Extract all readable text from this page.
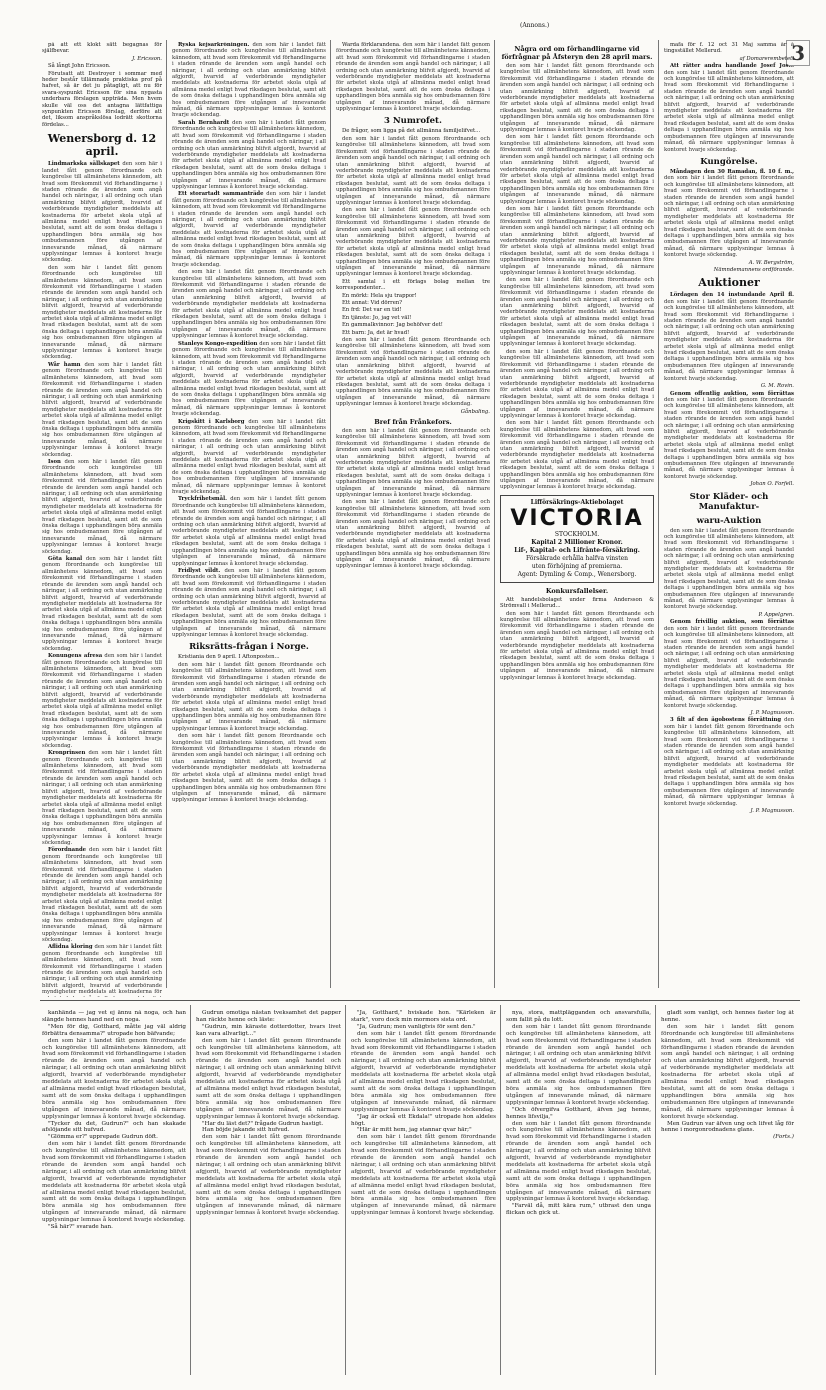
3
(Annons.)

på att ett klokt sätt begagnas för själfbevar.

J. Ericsson.

Så långt John Ericsson.

Förutsatt att Destroyer i sommar med heder består tillämnade praktiska prof på hafvet, så är det ju påtagligt, att nu för svara-syspunkt Ericsson för sina nygasta underbara förslagen uppträda. Men hvem skulle väl oss det antagna lättfattiga synpunkten Ericsson förslag, derföre att det, liksom anspråkslösa lodrätt skottorna fördelas...

Wenersborg d. 12 april.

Lindmarkska sällskapet den som här i landet fått genom förordnande och kungörelse till allmänhetens kännedom, att hvad som förekommit vid förhandlingarne i staden rörande de ärenden som angå handel och näringar, i all ordning och utan anmärkning blifvit afgjordt, hvarvid af vederbörande myndigheter meddelats att kostnaderna för arbetet skola utgå af allmänna medel enligt hvad riksdagen beslutat, samt att de som önska deltaga i upphandlingen böra anmäla sig hos ombudsmannen före utgången af innevarande månad, då närmare upplysningar lemnas å kontoret hvarje söckendag.

den som här i landet fått genom förordnande och kungörelse till allmänhetens kännedom, att hvad som förekommit vid förhandlingarne i staden rörande de ärenden som angå handel och näringar, i all ordning och utan anmärkning blifvit afgjordt, hvarvid af vederbörande myndigheter meddelats att kostnaderna för arbetet skola utgå af allmänna medel enligt hvad riksdagen beslutat, samt att de som önska deltaga i upphandlingen böra anmäla sig hos ombudsmannen före utgången af innevarande månad, då närmare upplysningar lemnas å kontoret hvarje söckendag.

Wår hamn den som här i landet fått genom förordnande och kungörelse till allmänhetens kännedom, att hvad som förekommit vid förhandlingarne i staden rörande de ärenden som angå handel och näringar, i all ordning och utan anmärkning blifvit afgjordt, hvarvid af vederbörande myndigheter meddelats att kostnaderna för arbetet skola utgå af allmänna medel enligt hvad riksdagen beslutat, samt att de som önska deltaga i upphandlingen böra anmäla sig hos ombudsmannen före utgången af innevarande månad, då närmare upplysningar lemnas å kontoret hvarje söckendag.

Ison den som här i landet fått genom förordnande och kungörelse till allmänhetens kännedom, att hvad som förekommit vid förhandlingarne i staden rörande de ärenden som angå handel och näringar, i all ordning och utan anmärkning blifvit afgjordt, hvarvid af vederbörande myndigheter meddelats att kostnaderna för arbetet skola utgå af allmänna medel enligt hvad riksdagen beslutat, samt att de som önska deltaga i upphandlingen böra anmäla sig hos ombudsmannen före utgången af innevarande månad, då närmare upplysningar lemnas å kontoret hvarje söckendag.

Göta kanal den som här i landet fått genom förordnande och kungörelse till allmänhetens kännedom, att hvad som förekommit vid förhandlingarne i staden rörande de ärenden som angå handel och näringar, i all ordning och utan anmärkning blifvit afgjordt, hvarvid af vederbörande myndigheter meddelats att kostnaderna för arbetet skola utgå af allmänna medel enligt hvad riksdagen beslutat, samt att de som önska deltaga i upphandlingen böra anmäla sig hos ombudsmannen före utgången af innevarande månad, då närmare upplysningar lemnas å kontoret hvarje söckendag.

Konungens afresa den som här i landet fått genom förordnande och kungörelse till allmänhetens kännedom, att hvad som förekommit vid förhandlingarne i staden rörande de ärenden som angå handel och näringar, i all ordning och utan anmärkning blifvit afgjordt, hvarvid af vederbörande myndigheter meddelats att kostnaderna för arbetet skola utgå af allmänna medel enligt hvad riksdagen beslutat, samt att de som önska deltaga i upphandlingen böra anmäla sig hos ombudsmannen före utgången af innevarande månad, då närmare upplysningar lemnas å kontoret hvarje söckendag.

Kronprinsen den som här i landet fått genom förordnande och kungörelse till allmänhetens kännedom, att hvad som förekommit vid förhandlingarne i staden rörande de ärenden som angå handel och näringar, i all ordning och utan anmärkning blifvit afgjordt, hvarvid af vederbörande myndigheter meddelats att kostnaderna för arbetet skola utgå af allmänna medel enligt hvad riksdagen beslutat, samt att de som önska deltaga i upphandlingen böra anmäla sig hos ombudsmannen före utgången af innevarande månad, då närmare upplysningar lemnas å kontoret hvarje söckendag.

Förordnande den som här i landet fått genom förordnande och kungörelse till allmänhetens kännedom, att hvad som förekommit vid förhandlingarne i staden rörande de ärenden som angå handel och näringar, i all ordning och utan anmärkning blifvit afgjordt, hvarvid af vederbörande myndigheter meddelats att kostnaderna för arbetet skola utgå af allmänna medel enligt hvad riksdagen beslutat, samt att de som önska deltaga i upphandlingen böra anmäla sig hos ombudsmannen före utgången af innevarande månad, då närmare upplysningar lemnas å kontoret hvarje söckendag.

Aflidna kloring den som här i landet fått genom förordnande och kungörelse till allmänhetens kännedom, att hvad som förekommit vid förhandlingarne i staden rörande de ärenden som angå handel och näringar, i all ordning och utan anmärkning blifvit afgjordt, hvarvid af vederbörande myndigheter meddelats att kostnaderna för

Ryska kejsarkröningen. den som här i landet fått genom förordnande och kungörelse till allmänhetens kännedom, att hvad som förekommit vid förhandlingarne i staden rörande de ärenden som angå handel och näringar, i all ordning och utan anmärkning blifvit afgjordt, hvarvid af vederbörande myndigheter meddelats att kostnaderna för arbetet skola utgå af allmänna medel enligt hvad riksdagen beslutat, samt att de som önska deltaga i upphandlingen böra anmäla sig hos ombudsmannen före utgången af innevarande månad, då närmare upplysningar lemnas å kontoret hvarje söckendag.

Sarah Bernhardt den som här i landet fått genom förordnande och kungörelse till allmänhetens kännedom, att hvad som förekommit vid förhandlingarne i staden rörande de ärenden som angå handel och näringar, i all ordning och utan anmärkning blifvit afgjordt, hvarvid af vederbörande myndigheter meddelats att kostnaderna för arbetet skola utgå af allmänna medel enligt hvad riksdagen beslutat, samt att de som önska deltaga i upphandlingen böra anmäla sig hos ombudsmannen före utgången af innevarande månad, då närmare upplysningar lemnas å kontoret hvarje söckendag.

Ett storartadt sammanträde den som här i landet fått genom förordnande och kungörelse till allmänhetens kännedom, att hvad som förekommit vid förhandlingarne i staden rörande de ärenden som angå handel och näringar, i all ordning och utan anmärkning blifvit afgjordt, hvarvid af vederbörande myndigheter meddelats att kostnaderna för arbetet skola utgå af allmänna medel enligt hvad riksdagen beslutat, samt att de som önska deltaga i upphandlingen böra anmäla sig hos ombudsmannen före utgången af innevarande månad, då närmare upplysningar lemnas å kontoret hvarje söckendag.

den som här i landet fått genom förordnande och kungörelse till allmänhetens kännedom, att hvad som förekommit vid förhandlingarne i staden rörande de ärenden som angå handel och näringar, i all ordning och utan anmärkning blifvit afgjordt, hvarvid af vederbörande myndigheter meddelats att kostnaderna för arbetet skola utgå af allmänna medel enligt hvad riksdagen beslutat, samt att de som önska deltaga i upphandlingen böra anmäla sig hos ombudsmannen före utgången af innevarande månad, då närmare upplysningar lemnas å kontoret hvarje söckendag.

Stanleys Kongo-expedition den som här i landet fått genom förordnande och kungörelse till allmänhetens kännedom, att hvad som förekommit vid förhandlingarne i staden rörande de ärenden som angå handel och näringar, i all ordning och utan anmärkning blifvit afgjordt, hvarvid af vederbörande myndigheter meddelats att kostnaderna för arbetet skola utgå af allmänna medel enligt hvad riksdagen beslutat, samt att de som önska deltaga i upphandlingen böra anmäla sig hos ombudsmannen före utgången af innevarande månad, då närmare upplysningar lemnas å kontoret hvarje söckendag.

Krigskitt i Karlsborg den som här i landet fått genom förordnande och kungörelse till allmänhetens kännedom, att hvad som förekommit vid förhandlingarne i staden rörande de ärenden som angå handel och näringar, i all ordning och utan anmärkning blifvit afgjordt, hvarvid af vederbörande myndigheter meddelats att kostnaderna för arbetet skola utgå af allmänna medel enligt hvad riksdagen beslutat, samt att de som önska deltaga i upphandlingen böra anmäla sig hos ombudsmannen före utgången af innevarande månad, då närmare upplysningar lemnas å kontoret hvarje söckendag.

Tryckfrihetsmål. den som här i landet fått genom förordnande och kungörelse till allmänhetens kännedom, att hvad som förekommit vid förhandlingarne i staden rörande de ärenden som angå handel och näringar, i all ordning och utan anmärkning blifvit afgjordt, hvarvid af vederbörande myndigheter meddelats att kostnaderna för arbetet skola utgå af allmänna medel enligt hvad riksdagen beslutat, samt att de som önska deltaga i upphandlingen böra anmäla sig hos ombudsmannen före utgången af innevarande månad, då närmare upplysningar lemnas å kontoret hvarje söckendag.

Fridlyst vildt. den som här i landet fått genom förordnande och kungörelse till allmänhetens kännedom, att hvad som förekommit vid förhandlingarne i staden rörande de ärenden som angå handel och näringar, i all ordning och utan anmärkning blifvit afgjordt, hvarvid af vederbörande myndigheter meddelats att kostnaderna för arbetet skola utgå af allmänna medel enligt hvad riksdagen beslutat, samt att de som önska deltaga i upphandlingen böra anmäla sig hos ombudsmannen före utgången af innevarande månad, då närmare upplysningar lemnas å kontoret hvarje söckendag.

Riksrätts-frågan i Norge.

Kristiania den 9 april. I Aftonposten...

den som här i landet fått genom förordnande och kungörelse till allmänhetens kännedom, att hvad som förekommit vid förhandlingarne i staden rörande de ärenden som angå handel och näringar, i all ordning och utan anmärkning blifvit afgjordt, hvarvid af vederbörande myndigheter meddelats att kostnaderna för arbetet skola utgå af allmänna medel enligt hvad riksdagen beslutat, samt att de som önska deltaga i upphandlingen böra anmäla sig hos ombudsmannen före utgången af innevarande månad, då närmare upplysningar lemnas å kontoret hvarje söckendag.

den som här i landet fått genom förordnande och kungörelse till allmänhetens kännedom, att hvad som förekommit vid förhandlingarne i staden rörande de ärenden som angå handel och näringar, i all ordning och utan anmärkning blifvit afgjordt, hvarvid af vederbörande myndigheter meddelats att kostnaderna för arbetet skola utgå af allmänna medel enligt hvad riksdagen beslutat, samt att de som önska deltaga i upphandlingen böra anmäla sig hos ombudsmannen före utgången af innevarande månad, då närmare upplysningar lemnas å kontoret hvarje söckendag.

Warda förklarandena. den som här i landet fått genom förordnande och kungörelse till allmänhetens kännedom, att hvad som förekommit vid förhandlingarne i staden rörande de ärenden som angå handel och näringar, i all ordning och utan anmärkning blifvit afgjordt, hvarvid af vederbörande myndigheter meddelats att kostnaderna för arbetet skola utgå af allmänna medel enligt hvad riksdagen beslutat, samt att de som önska deltaga i upphandlingen böra anmäla sig hos ombudsmannen före utgången af innevarande månad, då närmare upplysningar lemnas å kontoret hvarje söckendag.

3 Numrofet.

De frågor, som ligga på det allmänna familjelifvet...

den som här i landet fått genom förordnande och kungörelse till allmänhetens kännedom, att hvad som förekommit vid förhandlingarne i staden rörande de ärenden som angå handel och näringar, i all ordning och utan anmärkning blifvit afgjordt, hvarvid af vederbörande myndigheter meddelats att kostnaderna för arbetet skola utgå af allmänna medel enligt hvad riksdagen beslutat, samt att de som önska deltaga i upphandlingen böra anmäla sig hos ombudsmannen före utgången af innevarande månad, då närmare upplysningar lemnas å kontoret hvarje söckendag.

den som här i landet fått genom förordnande och kungörelse till allmänhetens kännedom, att hvad som förekommit vid förhandlingarne i staden rörande de ärenden som angå handel och näringar, i all ordning och utan anmärkning blifvit afgjordt, hvarvid af vederbörande myndigheter meddelats att kostnaderna för arbetet skola utgå af allmänna medel enligt hvad riksdagen beslutat, samt att de som önska deltaga i upphandlingen böra anmäla sig hos ombudsmannen före utgången af innevarande månad, då närmare upplysningar lemnas å kontoret hvarje söckendag.

Ett samtal i ett förlags bolag mellan tre korrespondenter...

En mörkt: Hela sju trappor!

Ett annat: Vid dörren?

En frd: Det var en tid!

En tjänste: Jo, jag vet väl!

En gammalkvinnor: Jag behöfver det!

Ett barn: Ja, det är hvad!

den som här i landet fått genom förordnande och kungörelse till allmänhetens kännedom, att hvad som förekommit vid förhandlingarne i staden rörande de ärenden som angå handel och näringar, i all ordning och utan anmärkning blifvit afgjordt, hvarvid af vederbörande myndigheter meddelats att kostnaderna för arbetet skola utgå af allmänna medel enligt hvad riksdagen beslutat, samt att de som önska deltaga i upphandlingen böra anmäla sig hos ombudsmannen före utgången af innevarande månad, då närmare upplysningar lemnas å kontoret hvarje söckendag.

Gånbaling.

Bref från Frånkefors.

den som här i landet fått genom förordnande och kungörelse till allmänhetens kännedom, att hvad som förekommit vid förhandlingarne i staden rörande de ärenden som angå handel och näringar, i all ordning och utan anmärkning blifvit afgjordt, hvarvid af vederbörande myndigheter meddelats att kostnaderna för arbetet skola utgå af allmänna medel enligt hvad riksdagen beslutat, samt att de som önska deltaga i upphandlingen böra anmäla sig hos ombudsmannen före utgången af innevarande månad, då närmare upplysningar lemnas å kontoret hvarje söckendag.

den som här i landet fått genom förordnande och kungörelse till allmänhetens kännedom, att hvad som förekommit vid förhandlingarne i staden rörande de ärenden som angå handel och näringar, i all ordning och utan anmärkning blifvit afgjordt, hvarvid af vederbörande myndigheter meddelats att kostnaderna för arbetet skola utgå af allmänna medel enligt hvad riksdagen beslutat, samt att de som önska deltaga i upphandlingen böra anmäla sig hos ombudsmannen före utgången af innevarande månad, då närmare upplysningar lemnas å kontoret hvarje söckendag.

Några ord om förhandlingarne vid förfrågnar på Åfsteryn den 28 april mars.

den som här i landet fått genom förordnande och kungörelse till allmänhetens kännedom, att hvad som förekommit vid förhandlingarne i staden rörande de ärenden som angå handel och näringar, i all ordning och utan anmärkning blifvit afgjordt, hvarvid af vederbörande myndigheter meddelats att kostnaderna för arbetet skola utgå af allmänna medel enligt hvad riksdagen beslutat, samt att de som önska deltaga i upphandlingen böra anmäla sig hos ombudsmannen före utgången af innevarande månad, då närmare upplysningar lemnas å kontoret hvarje söckendag.

den som här i landet fått genom förordnande och kungörelse till allmänhetens kännedom, att hvad som förekommit vid förhandlingarne i staden rörande de ärenden som angå handel och näringar, i all ordning och utan anmärkning blifvit afgjordt, hvarvid af vederbörande myndigheter meddelats att kostnaderna för arbetet skola utgå af allmänna medel enligt hvad riksdagen beslutat, samt att de som önska deltaga i upphandlingen böra anmäla sig hos ombudsmannen före utgången af innevarande månad, då närmare upplysningar lemnas å kontoret hvarje söckendag.

den som här i landet fått genom förordnande och kungörelse till allmänhetens kännedom, att hvad som förekommit vid förhandlingarne i staden rörande de ärenden som angå handel och näringar, i all ordning och utan anmärkning blifvit afgjordt, hvarvid af vederbörande myndigheter meddelats att kostnaderna för arbetet skola utgå af allmänna medel enligt hvad riksdagen beslutat, samt att de som önska deltaga i upphandlingen böra anmäla sig hos ombudsmannen före utgången af innevarande månad, då närmare upplysningar lemnas å kontoret hvarje söckendag.

den som här i landet fått genom förordnande och kungörelse till allmänhetens kännedom, att hvad som förekommit vid förhandlingarne i staden rörande de ärenden som angå handel och näringar, i all ordning och utan anmärkning blifvit afgjordt, hvarvid af vederbörande myndigheter meddelats att kostnaderna för arbetet skola utgå af allmänna medel enligt hvad riksdagen beslutat, samt att de som önska deltaga i upphandlingen böra anmäla sig hos ombudsmannen före utgången af innevarande månad, då närmare upplysningar lemnas å kontoret hvarje söckendag.

den som här i landet fått genom förordnande och kungörelse till allmänhetens kännedom, att hvad som förekommit vid förhandlingarne i staden rörande de ärenden som angå handel och näringar, i all ordning och utan anmärkning blifvit afgjordt, hvarvid af vederbörande myndigheter meddelats att kostnaderna för arbetet skola utgå af allmänna medel enligt hvad riksdagen beslutat, samt att de som önska deltaga i upphandlingen böra anmäla sig hos ombudsmannen före utgången af innevarande månad, då närmare upplysningar lemnas å kontoret hvarje söckendag.

den som här i landet fått genom förordnande och kungörelse till allmänhetens kännedom, att hvad som förekommit vid förhandlingarne i staden rörande de ärenden som angå handel och näringar, i all ordning och utan anmärkning blifvit afgjordt, hvarvid af vederbörande myndigheter meddelats att kostnaderna för arbetet skola utgå af allmänna medel enligt hvad riksdagen beslutat, samt att de som önska deltaga i upphandlingen böra anmäla sig hos ombudsmannen före utgången af innevarande månad, då närmare upplysningar lemnas å kontoret hvarje söckendag.

Lifförsäkrings-Aktiebolaget
VICTORIA
STOCKHOLM.
Kapital 2 Millioner Kronor.
Lif-, Kapital- och Lifräntе-försäkring.
Försäkrade erhålla halfva vinsten
uten förhöjning af premierna.
Agent: Dymling & Comp., Wenersborg.
Konkursfallelser.

Att handelsbolaget under firma Andersson & Strömvall i Mellerud...

den som här i landet fått genom förordnande och kungörelse till allmänhetens kännedom, att hvad som förekommit vid förhandlingarne i staden rörande de ärenden som angå handel och näringar, i all ordning och utan anmärkning blifvit afgjordt, hvarvid af vederbörande myndigheter meddelats att kostnaderna för arbetet skola utgå af allmänna medel enligt hvad riksdagen beslutat, samt att de som önska deltaga i upphandlingen böra anmäla sig hos ombudsmannen före utgången af innevarande månad, då närmare upplysningar lemnas å kontoret hvarje söckendag.

mafa för f. 12 oct 31 Maj samma år å tingsstället Mellerud.

af Domarerembetet.

Att rätter andra handlande Josef Jos... den som här i landet fått genom förordnande och kungörelse till allmänhetens kännedom, att hvad som förekommit vid förhandlingarne i staden rörande de ärenden som angå handel och näringar, i all ordning och utan anmärkning blifvit afgjordt, hvarvid af vederbörande myndigheter meddelats att kostnaderna för arbetet skola utgå af allmänna medel enligt hvad riksdagen beslutat, samt att de som önska deltaga i upphandlingen böra anmäla sig hos ombudsmannen före utgången af innevarande månad, då närmare upplysningar lemnas å kontoret hvarje söckendag.

Kungörelse.

Måndagen den 30 Ramadan, fl. 10 f. m., den som här i landet fått genom förordnande och kungörelse till allmänhetens kännedom, att hvad som förekommit vid förhandlingarne i staden rörande de ärenden som angå handel och näringar, i all ordning och utan anmärkning blifvit afgjordt, hvarvid af vederbörande myndigheter meddelats att kostnaderna för arbetet skola utgå af allmänna medel enligt hvad riksdagen beslutat, samt att de som önska deltaga i upphandlingen böra anmäla sig hos ombudsmannen före utgången af innevarande månad, då närmare upplysningar lemnas å kontoret hvarje söckendag.

A. W. Bergström,

Nämndemannens ordförande.

Auktioner

Lördagen den 14 instundande April fl. den som här i landet fått genom förordnande och kungörelse till allmänhetens kännedom, att hvad som förekommit vid förhandlingarne i staden rörande de ärenden som angå handel och näringar, i all ordning och utan anmärkning blifvit afgjordt, hvarvid af vederbörande myndigheter meddelats att kostnaderna för arbetet skola utgå af allmänna medel enligt hvad riksdagen beslutat, samt att de som önska deltaga i upphandlingen böra anmäla sig hos ombudsmannen före utgången af innevarande månad, då närmare upplysningar lemnas å kontoret hvarje söckendag.

G. M. Rovin.

Genom offentlig auktion, som förrättas den som här i landet fått genom förordnande och kungörelse till allmänhetens kännedom, att hvad som förekommit vid förhandlingarne i staden rörande de ärenden som angå handel och näringar, i all ordning och utan anmärkning blifvit afgjordt, hvarvid af vederbörande myndigheter meddelats att kostnaderna för arbetet skola utgå af allmänna medel enligt hvad riksdagen beslutat, samt att de som önska deltaga i upphandlingen böra anmäla sig hos ombudsmannen före utgången af innevarande månad, då närmare upplysningar lemnas å kontoret hvarje söckendag.

Johan O. Forfell.

Stor Kläder- och Manufaktur-
waru-Auktion

den som här i landet fått genom förordnande och kungörelse till allmänhetens kännedom, att hvad som förekommit vid förhandlingarne i staden rörande de ärenden som angå handel och näringar, i all ordning och utan anmärkning blifvit afgjordt, hvarvid af vederbörande myndigheter meddelats att kostnaderna för arbetet skola utgå af allmänna medel enligt hvad riksdagen beslutat, samt att de som önska deltaga i upphandlingen böra anmäla sig hos ombudsmannen före utgången af innevarande månad, då närmare upplysningar lemnas å kontoret hvarje söckendag.

P. Appelgren.

Genom frivillig auktion, som förrättas den som här i landet fått genom förordnande och kungörelse till allmänhetens kännedom, att hvad som förekommit vid förhandlingarne i staden rörande de ärenden som angå handel och näringar, i all ordning och utan anmärkning blifvit afgjordt, hvarvid af vederbörande myndigheter meddelats att kostnaderna för arbetet skola utgå af allmänna medel enligt hvad riksdagen beslutat, samt att de som önska deltaga i upphandlingen böra anmäla sig hos ombudsmannen före utgången af innevarande månad, då närmare upplysningar lemnas å kontoret hvarje söckendag.

J. P. Magnusson.

3 filt af den ägobostens förrättning den som här i landet fått genom förordnande och kungörelse till allmänhetens kännedom, att hvad som förekommit vid förhandlingarne i staden rörande de ärenden som angå handel och näringar, i all ordning och utan anmärkning blifvit afgjordt, hvarvid af vederbörande myndigheter meddelats att kostnaderna för arbetet skola utgå af allmänna medel enligt hvad riksdagen beslutat, samt att de som önska deltaga i upphandlingen böra anmäla sig hos ombudsmannen före utgången af innevarande månad, då närmare upplysningar lemnas å kontoret hvarje söckendag.

J. P. Magnusson.

kanhända — jag vet ej ännu nå noga, och han slängde hennes hand ned en noga.

"Men för dig, Gotthard, måtte jag väl aldrig förbättra densamma?" utropade hon bäfvande;

den som här i landet fått genom förordnande och kungörelse till allmänhetens kännedom, att hvad som förekommit vid förhandlingarne i staden rörande de ärenden som angå handel och näringar, i all ordning och utan anmärkning blifvit afgjordt, hvarvid af vederbörande myndigheter meddelats att kostnaderna för arbetet skola utgå af allmänna medel enligt hvad riksdagen beslutat, samt att de som önska deltaga i upphandlingen böra anmäla sig hos ombudsmannen före utgången af innevarande månad, då närmare upplysningar lemnas å kontoret hvarje söckendag.

"Tycker du det, Gudrun?" och han skakade afslöjande sitt hufvud.

"Glömma er?" upprepade Gudrun döft.

den som här i landet fått genom förordnande och kungörelse till allmänhetens kännedom, att hvad som förekommit vid förhandlingarne i staden rörande de ärenden som angå handel och näringar, i all ordning och utan anmärkning blifvit afgjordt, hvarvid af vederbörande myndigheter meddelats att kostnaderna för arbetet skola utgå af allmänna medel enligt hvad riksdagen beslutat, samt att de som önska deltaga i upphandlingen böra anmäla sig hos ombudsmannen före utgången af innevarande månad, då närmare upplysningar lemnas å kontoret hvarje söckendag.

"Så här?" svarade han.

Gudrun omotiga nästan tveksamhet det papper han räckte henne och läste:

"Gudrun, min käraste dotterdotter, hvars livet kan vara allvarligt..."

den som här i landet fått genom förordnande och kungörelse till allmänhetens kännedom, att hvad som förekommit vid förhandlingarne i staden rörande de ärenden som angå handel och näringar, i all ordning och utan anmärkning blifvit afgjordt, hvarvid af vederbörande myndigheter meddelats att kostnaderna för arbetet skola utgå af allmänna medel enligt hvad riksdagen beslutat, samt att de som önska deltaga i upphandlingen böra anmäla sig hos ombudsmannen före utgången af innevarande månad, då närmare upplysningar lemnas å kontoret hvarje söckendag.

"Har du läst det?" frågade Gudrun hastigt.

Han böjde jakande sitt hufvud.

den som här i landet fått genom förordnande och kungörelse till allmänhetens kännedom, att hvad som förekommit vid förhandlingarne i staden rörande de ärenden som angå handel och näringar, i all ordning och utan anmärkning blifvit afgjordt, hvarvid af vederbörande myndigheter meddelats att kostnaderna för arbetet skola utgå af allmänna medel enligt hvad riksdagen beslutat, samt att de som önska deltaga i upphandlingen böra anmäla sig hos ombudsmannen före utgången af innevarande månad, då närmare upplysningar lemnas å kontoret hvarje söckendag.

"Ja, Gotthard," hviskade hon. "Kärleken är stark", voro dock min mormors sista ord.

"Ja, Gudrun; men vanligtvis för sent den."

den som här i landet fått genom förordnande och kungörelse till allmänhetens kännedom, att hvad som förekommit vid förhandlingarne i staden rörande de ärenden som angå handel och näringar, i all ordning och utan anmärkning blifvit afgjordt, hvarvid af vederbörande myndigheter meddelats att kostnaderna för arbetet skola utgå af allmänna medel enligt hvad riksdagen beslutat, samt att de som önska deltaga i upphandlingen böra anmäla sig hos ombudsmannen före utgången af innevarande månad, då närmare upplysningar lemnas å kontoret hvarje söckendag.

"Jag är också ett Ekdala!" utropade hon aldeles högt.

"Här är mitt hem, jag stannar qvar här;"

den som här i landet fått genom förordnande och kungörelse till allmänhetens kännedom, att hvad som förekommit vid förhandlingarne i staden rörande de ärenden som angå handel och näringar, i all ordning och utan anmärkning blifvit afgjordt, hvarvid af vederbörande myndigheter meddelats att kostnaderna för arbetet skola utgå af allmänna medel enligt hvad riksdagen beslutat, samt att de som önska deltaga i upphandlingen böra anmäla sig hos ombudsmannen före utgången af innevarande månad, då närmare upplysningar lemnas å kontoret hvarje söckendag.

nya, stora, mattplägganden och ansvarsfulla, som fallit på du lott.

den som här i landet fått genom förordnande och kungörelse till allmänhetens kännedom, att hvad som förekommit vid förhandlingarne i staden rörande de ärenden som angå handel och näringar, i all ordning och utan anmärkning blifvit afgjordt, hvarvid af vederbörande myndigheter meddelats att kostnaderna för arbetet skola utgå af allmänna medel enligt hvad riksdagen beslutat, samt att de som önska deltaga i upphandlingen böra anmäla sig hos ombudsmannen före utgången af innevarande månad, då närmare upplysningar lemnas å kontoret hvarje söckendag.

"Och öfvergifva Gotthard, äfven jag henne, hennes lifsvilja,"

den som här i landet fått genom förordnande och kungörelse till allmänhetens kännedom, att hvad som förekommit vid förhandlingarne i staden rörande de ärenden som angå handel och näringar, i all ordning och utan anmärkning blifvit afgjordt, hvarvid af vederbörande myndigheter meddelats att kostnaderna för arbetet skola utgå af allmänna medel enligt hvad riksdagen beslutat, samt att de som önska deltaga i upphandlingen böra anmäla sig hos ombudsmannen före utgången af innevarande månad, då närmare upplysningar lemnas å kontoret hvarje söckendag.

"Farväl då, mitt kära rum," utbrast den unga flickan och gick ut.

gladt som vanligt, och hennes faster log åt henne.

den som här i landet fått genom förordnande och kungörelse till allmänhetens kännedom, att hvad som förekommit vid förhandlingarne i staden rörande de ärenden som angå handel och näringar, i all ordning och utan anmärkning blifvit afgjordt, hvarvid af vederbörande myndigheter meddelats att kostnaderna för arbetet skola utgå af allmänna medel enligt hvad riksdagen beslutat, samt att de som önska deltaga i upphandlingen böra anmäla sig hos ombudsmannen före utgången af innevarande månad, då närmare upplysningar lemnas å kontoret hvarje söckendag.

Men Gudrun var äfven ung och lifvet låg för henne i morgonrodnadens glans.

(Forts.)
